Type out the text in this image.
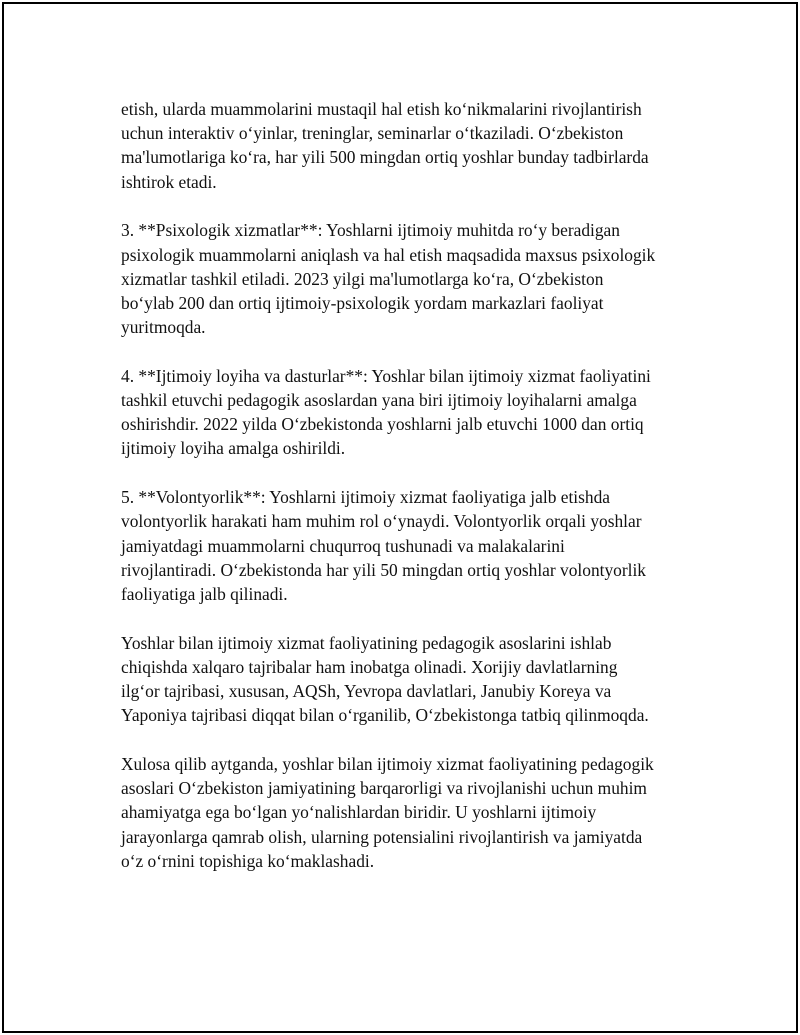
etish, ularda muammolarini mustaqil hal etish koʻnikmalarini rivojlantirish
uchun interaktiv oʻyinlar, treninglar, seminarlar oʻtkaziladi. Oʻzbekiston
ma'lumotlariga koʻra, har yili 500 mingdan ortiq yoshlar bunday tadbirlarda
ishtirok etadi.

3. **Psixologik xizmatlar**: Yoshlarni ijtimoiy muhitda roʻy beradigan
psixologik muammolarni aniqlash va hal etish maqsadida maxsus psixologik
xizmatlar tashkil etiladi. 2023 yilgi ma'lumotlarga koʻra, Oʻzbekiston
boʻylab 200 dan ortiq ijtimoiy-psixologik yordam markazlari faoliyat
yuritmoqda.

4. **Ijtimoiy loyiha va dasturlar**: Yoshlar bilan ijtimoiy xizmat faoliyatini
tashkil etuvchi pedagogik asoslardan yana biri ijtimoiy loyihalarni amalga
oshirishdir. 2022 yilda Oʻzbekistonda yoshlarni jalb etuvchi 1000 dan ortiq
ijtimoiy loyiha amalga oshirildi.

5. **Volontyorlik**: Yoshlarni ijtimoiy xizmat faoliyatiga jalb etishda
volontyorlik harakati ham muhim rol oʻynaydi. Volontyorlik orqali yoshlar
jamiyatdagi muammolarni chuqurroq tushunadi va malakalarini
rivojlantiradi. Oʻzbekistonda har yili 50 mingdan ortiq yoshlar volontyorlik
faoliyatiga jalb qilinadi.

Yoshlar bilan ijtimoiy xizmat faoliyatining pedagogik asoslarini ishlab
chiqishda xalqaro tajribalar ham inobatga olinadi. Xorijiy davlatlarning
ilgʻor tajribasi, xususan, AQSh, Yevropa davlatlari, Janubiy Koreya va
Yaponiya tajribasi diqqat bilan oʻrganilib, Oʻzbekistonga tatbiq qilinmoqda.

Xulosa qilib aytganda, yoshlar bilan ijtimoiy xizmat faoliyatining pedagogik
asoslari Oʻzbekiston jamiyatining barqarorligi va rivojlanishi uchun muhim
ahamiyatga ega boʻlgan yoʻnalishlardan biridir. U yoshlarni ijtimoiy
jarayonlarga qamrab olish, ularning potensialini rivojlantirish va jamiyatda
oʻz oʻrnini topishiga koʻmaklashadi.
